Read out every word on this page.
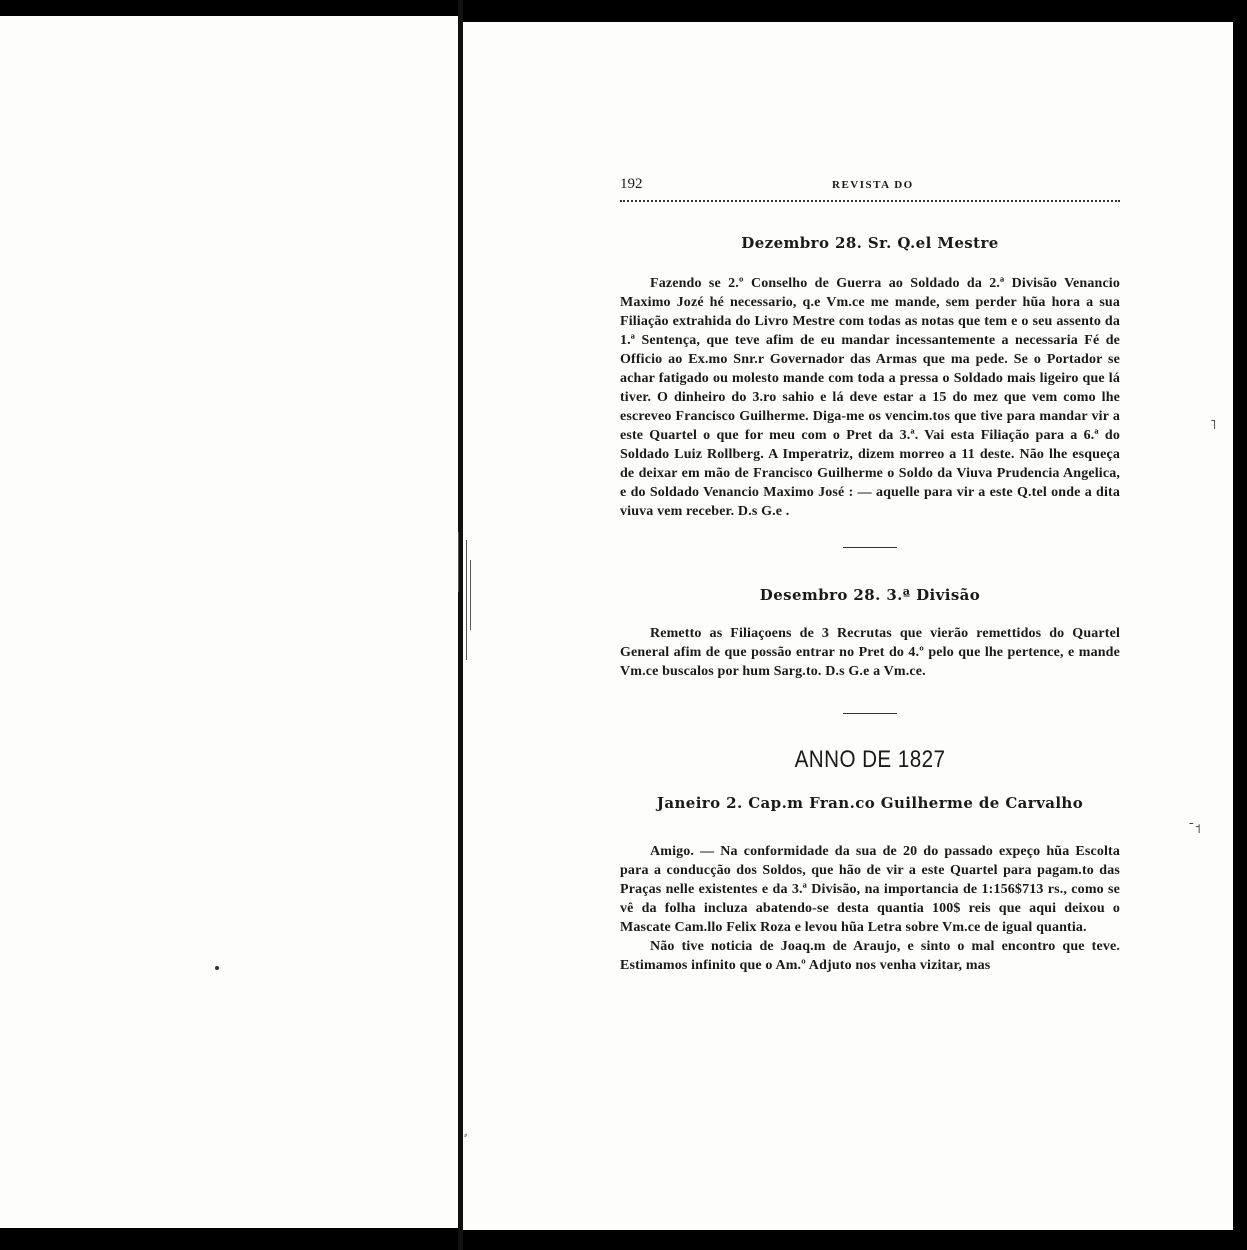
˥
ˉ˦
⸗
192	REVISTA DO
Dezembro 28. Sr. Q.el Mestre

Fazendo se 2.º Conselho de Guerra ao Soldado da 2.ª Divisão Venancio Maximo Jozé hé necessario, q.e Vm.ce me mande, sem perder hũa hora a sua Filiação extrahida do Livro Mestre com todas as notas que tem e o seu assento da 1.ª Sentença, que teve afim de eu mandar incessantemente a necessaria Fé de Officio ao Ex.mo Snr.r Governador das Armas que ma pede. Se o Portador se achar fatigado ou molesto mande com toda a pressa o Soldado mais ligeiro que lá tiver. O dinheiro do 3.ro sahio e lá deve estar a 15 do mez que vem como lhe escreveo Francisco Guilherme. Diga-me os vencim.tos que tive para mandar vir a este Quartel o que for meu com o Pret da 3.ª. Vai esta Filiação para a 6.ª do Soldado Luiz Rollberg. A Imperatriz, dizem morreo a 11 deste. Não lhe esqueça de deixar em mão de Francisco Guilherme o Soldo da Viuva Prudencia Angelica, e do Soldado Venancio Maximo José : — aquelle para vir a este Q.tel onde a dita viuva vem receber. D.s G.e .

Desembro 28. 3.ª Divisão

Remetto as Filiaçoens de 3 Recrutas que vierão remettidos do Quartel General afim de que possão entrar no Pret do 4.º pelo que lhe pertence, e mande Vm.ce buscalos por hum Sarg.to. D.s G.e a Vm.ce.

ANNO DE 1827
Janeiro 2. Cap.m Fran.co Guilherme de Carvalho

Amigo. — Na conformidade da sua de 20 do passado expeço hũa Escolta para a conducção dos Soldos, que hão de vir a este Quartel para pagam.to das Praças nelle existentes e da 3.ª Divisão, na importancia de 1:156$713 rs., como se vê da folha incluza abatendo-se desta quantia 100$ reis que aqui deixou o Mascate Cam.llo Felix Roza e levou hũa Letra sobre Vm.ce de igual quantia.

Não tive noticia de Joaq.m de Araujo, e sinto o mal encontro que teve. Estimamos infinito que o Am.º Adjuto nos venha vizitar, mas
